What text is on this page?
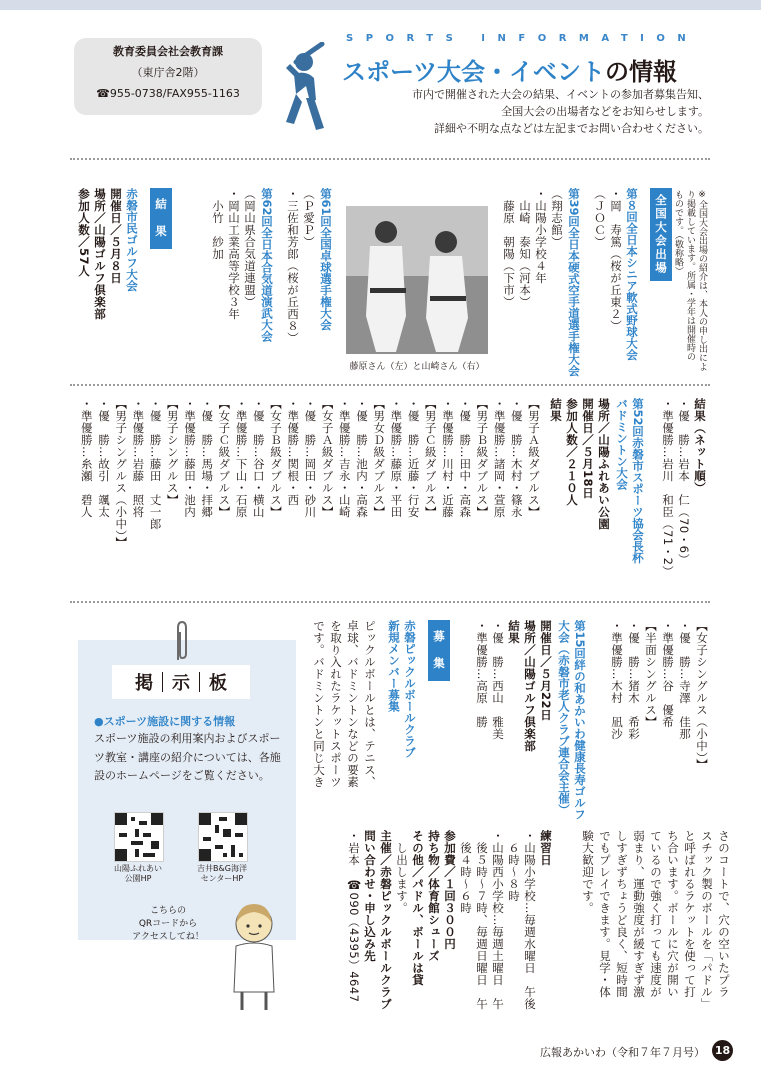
教育委員会社会教育課
（東庁舎2階）
☎955-0738/FAX955-1163
SPORTS INFORMATION
スポーツ大会・イベントの情報
市内で開催された大会の結果、イベントの参加者募集告知、
全国大会の出場者などをお知らせします。
詳細や不明な点などは左記までお問い合わせください。
※全国大会出場の紹介は、本人の申し出によ
り掲載しています。所属・学年は開催時の
ものです。（敬称略）
全国大会出場
第８回全日本シニア軟式野球大会
・岡　寿篤（桜が丘東２）
（ＪＯＣ）
第39回全日本硬式空手道選手権大会
（翔志館）
・山陽小学校４年
　山崎　泰知（河本）
　藤原　朝陽（下市）
藤原さん（左）と山崎さん（右）
第61回全国卓球選手権大会
（Ｐ愛Ｐ）
・三佐和芳郎（桜が丘西８）
第62回全日本合気道演武大会
（岡山県合気道連盟）
・岡山工業高等学校３年
　小竹　紗加
結　果
赤磐市民ゴルフ大会
開催日／５月８日
場所／山陽ゴルフ倶楽部
参加人数／57人
結果（ネット順）
・優　勝…岩本　仁（70・6）
・準優勝…岩川　和臣（71・2）
第52回赤磐市スポーツ協会長杯
バドミントン大会
場所／山陽ふれあい公園
開催日／５月18日
参加人数／２１０人
結果
【男子Ａ級ダブルス】
・優　勝…木村・篠永
・準優勝…諸岡・萱原
【男子Ｂ級ダブルス】
・優　勝…田中・高森
・準優勝…川村・近藤
【男子Ｃ級ダブルス】
・優　勝…近藤・行安
・準優勝…藤原・平田
【男女Ｄ級ダブルス】
・優　勝…池内・高森
・準優勝…吉永・山崎
【女子Ａ級ダブルス】
・優　勝…岡田・砂川
・準優勝…関根・西
【女子Ｂ級ダブルス】
・優　勝…谷口・横山
・準優勝…下山・石原
【女子Ｃ級ダブルス】
・優　勝…馬場・拝郷
・準優勝…藤田・池内
【男子シングルス】
・優　勝…藤田　丈一郎
・準優勝…岩藤　照将
【男子シングルス（小中）】
・優　勝…故引　颯太
・準優勝…糸瀬　碧人
【女子シングルス（小中）】
・優　勝…寺澤　佳那
・準優勝…谷　優希
【半面シングルス】
・優　勝…猪木　希彩
・準優勝…木村　凪沙
第15回絆の和あかいわ健康長寿ゴルフ
大会（赤磐市老人クラブ連合会主催）
開催日／５月22日
場所／山陽ゴルフ倶楽部
結果
・優　勝…西山　雅美
・準優勝…高原　勝
募　集
赤磐ピックルボールクラブ
新規メンバー募集
ピックルボールとは、テニス、
卓球、バドミントンなどの要素
を取り入れたラケットスポーツ
です。バドミントンと同じ大き
さのコートで、穴の空いたプラ
スチック製のボールを「パドル」
と呼ばれるラケットを使って打
ち合います。ボールに穴が開い
ているので強く打っても速度が
弱まり、運動強度が緩すぎず激
しすぎずちょうど良く、短時間
でもプレイできます。見学・体
験大歓迎です。
練習日
・山陽小学校…毎週水曜日　午後
　６時～８時
・山陽西小学校…毎週土曜日　午
　後５時～７時、毎週日曜日　午
　後４時～６時
参加費／１回３００円
持ち物／体育館シューズ
その他／パドル、ボールは貸
　し出します。
主催／赤磐ピックルボールクラブ
問い合わせ・申し込み先
・岩本　☎090（4395）4647
掲	示	板
●スポーツ施設に関する情報
スポーツ施設の利用案内およびスポーツ教室・講座の紹介については、各施設のホームページをご覧ください。
山陽ふれあい
公園HP
吉井B&G海洋
センターHP
こちらの
QRコードから
アクセスしてね！
広報あかいわ（令和７年７月号） 18
